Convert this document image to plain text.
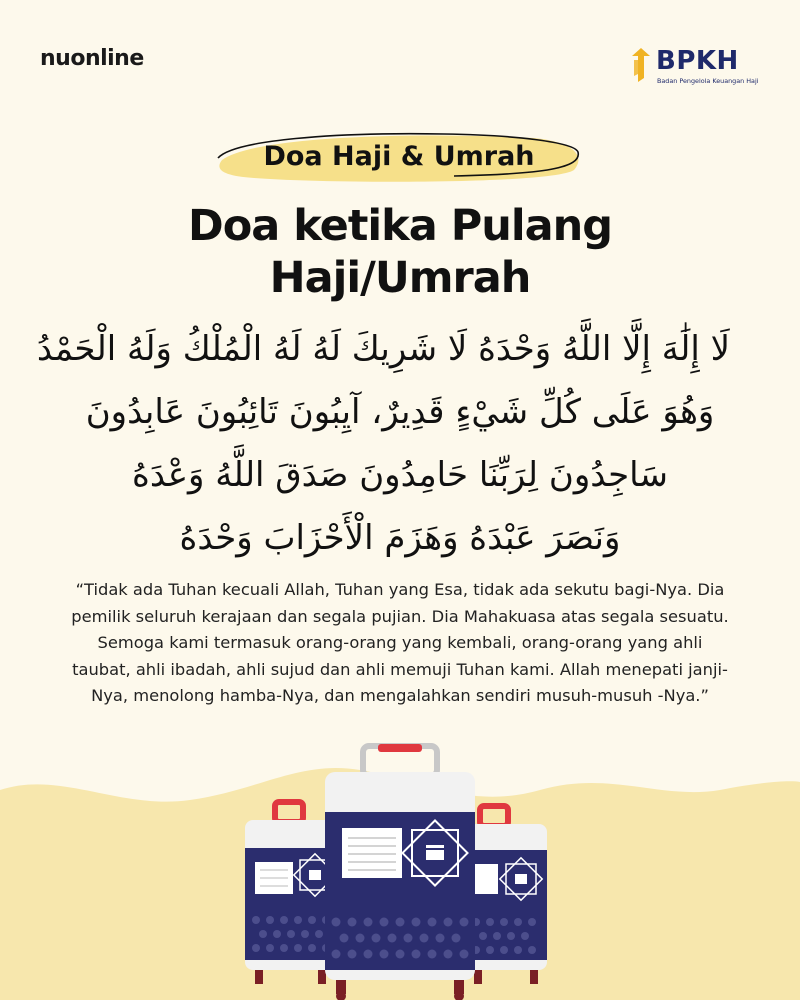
nuonline	BPKH
Badan Pengelola Keuangan Haji
Doa Haji & Umrah
Doa ketika Pulang
Haji/Umrah
لَا إِلَٰهَ إِلَّا اللَّهُ وَحْدَهُ لَا شَرِيكَ لَهُ لَهُ الْمُلْكُ وَلَهُ الْحَمْدُ
وَهُوَ عَلَى كُلِّ شَيْءٍ قَدِيرٌ، آيِبُونَ تَائِبُونَ عَابِدُونَ
سَاجِدُونَ لِرَبِّنَا حَامِدُونَ صَدَقَ اللَّهُ وَعْدَهُ
وَنَصَرَ عَبْدَهُ وَهَزَمَ الْأَحْزَابَ وَحْدَهُ
“Tidak ada Tuhan kecuali Allah, Tuhan yang Esa, tidak ada sekutu bagi-Nya. Dia pemilik seluruh kerajaan dan segala pujian. Dia Mahakuasa atas segala sesuatu. Semoga kami termasuk orang-orang yang kembali, orang-orang yang ahli taubat, ahli ibadah, ahli sujud dan ahli memuji Tuhan kami. Allah menepati janji-Nya, menolong hamba-Nya, dan mengalahkan sendiri musuh-musuh -Nya.”
